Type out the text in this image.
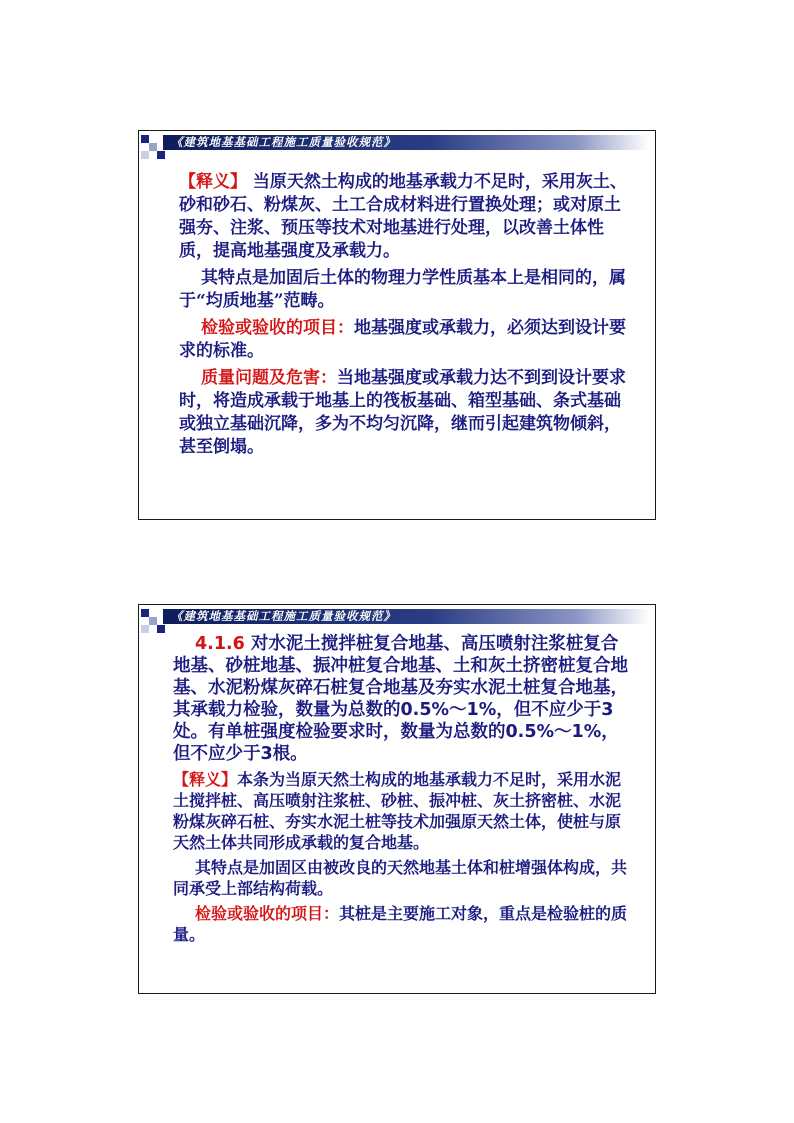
《建筑地基基础工程施工质量验收规范》

【释义】 当原天然土构成的地基承载力不足时，采用灰土、砂和砂石、粉煤灰、土工合成材料进行置换处理；或对原土强夯、注浆、预压等技术对地基进行处理，以改善土体性质，提高地基强度及承载力。

其特点是加固后土体的物理力学性质基本上是相同的，属于“均质地基”范畴。

检验或验收的项目：地基强度或承载力，必须达到设计要求的标准。

质量问题及危害：当地基强度或承载力达不到到设计要求时，将造成承载于地基上的筏板基础、箱型基础、条式基础或独立基础沉降，多为不均匀沉降，继而引起建筑物倾斜，甚至倒塌。

《建筑地基基础工程施工质量验收规范》

4.1.6 对水泥土搅拌桩复合地基、高压喷射注浆桩复合地基、砂桩地基、振冲桩复合地基、土和灰土挤密桩复合地基、水泥粉煤灰碎石桩复合地基及夯实水泥土桩复合地基，其承载力检验，数量为总数的0.5%～1%，但不应少于3处。有单桩强度检验要求时，数量为总数的0.5%～1%，但不应少于3根。

【释义】本条为当原天然土构成的地基承载力不足时，采用水泥土搅拌桩、高压喷射注浆桩、砂桩、振冲桩、灰土挤密桩、水泥粉煤灰碎石桩、夯实水泥土桩等技术加强原天然土体，使桩与原天然土体共同形成承载的复合地基。

其特点是加固区由被改良的天然地基土体和桩增强体构成，共同承受上部结构荷载。

检验或验收的项目：其桩是主要施工对象，重点是检验桩的质量。
